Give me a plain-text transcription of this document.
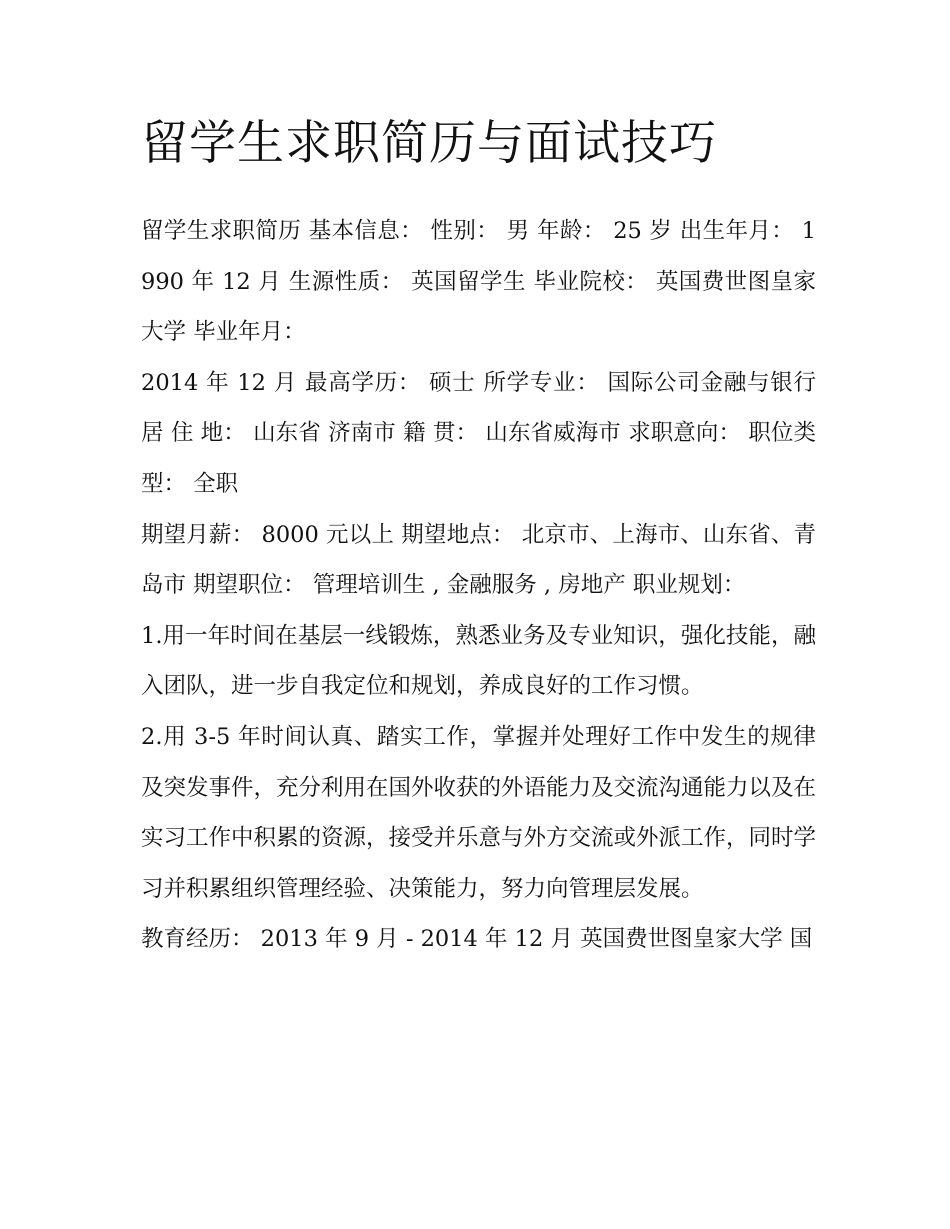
留学生求职简历与面试技巧

留学生求职简历 基本信息： 性别： 男 年龄： 25 岁 出生年月： 1990 年 12 月 生源性质： 英国留学生 毕业院校： 英国费世图皇家大学 毕业年月：

2014 年 12 月 最高学历： 硕士 所学专业： 国际公司金融与银行 居 住 地： 山东省 济南市 籍 贯： 山东省威海市 求职意向： 职位类型： 全职

期望月薪： 8000 元以上 期望地点： 北京市、上海市、山东省、青岛市 期望职位： 管理培训生 , 金融服务 , 房地产 职业规划：

1.用一年时间在基层一线锻炼，熟悉业务及专业知识，强化技能，融入团队，进一步自我定位和规划，养成良好的工作习惯。

2.用 3-5 年时间认真、踏实工作，掌握并处理好工作中发生的规律及突发事件，充分利用在国外收获的外语能力及交流沟通能力以及在实习工作中积累的资源，接受并乐意与外方交流或外派工作，同时学习并积累组织管理经验、决策能力，努力向管理层发展。

教育经历： 2013 年 9 月 - 2014 年 12 月 英国费世图皇家大学 国
